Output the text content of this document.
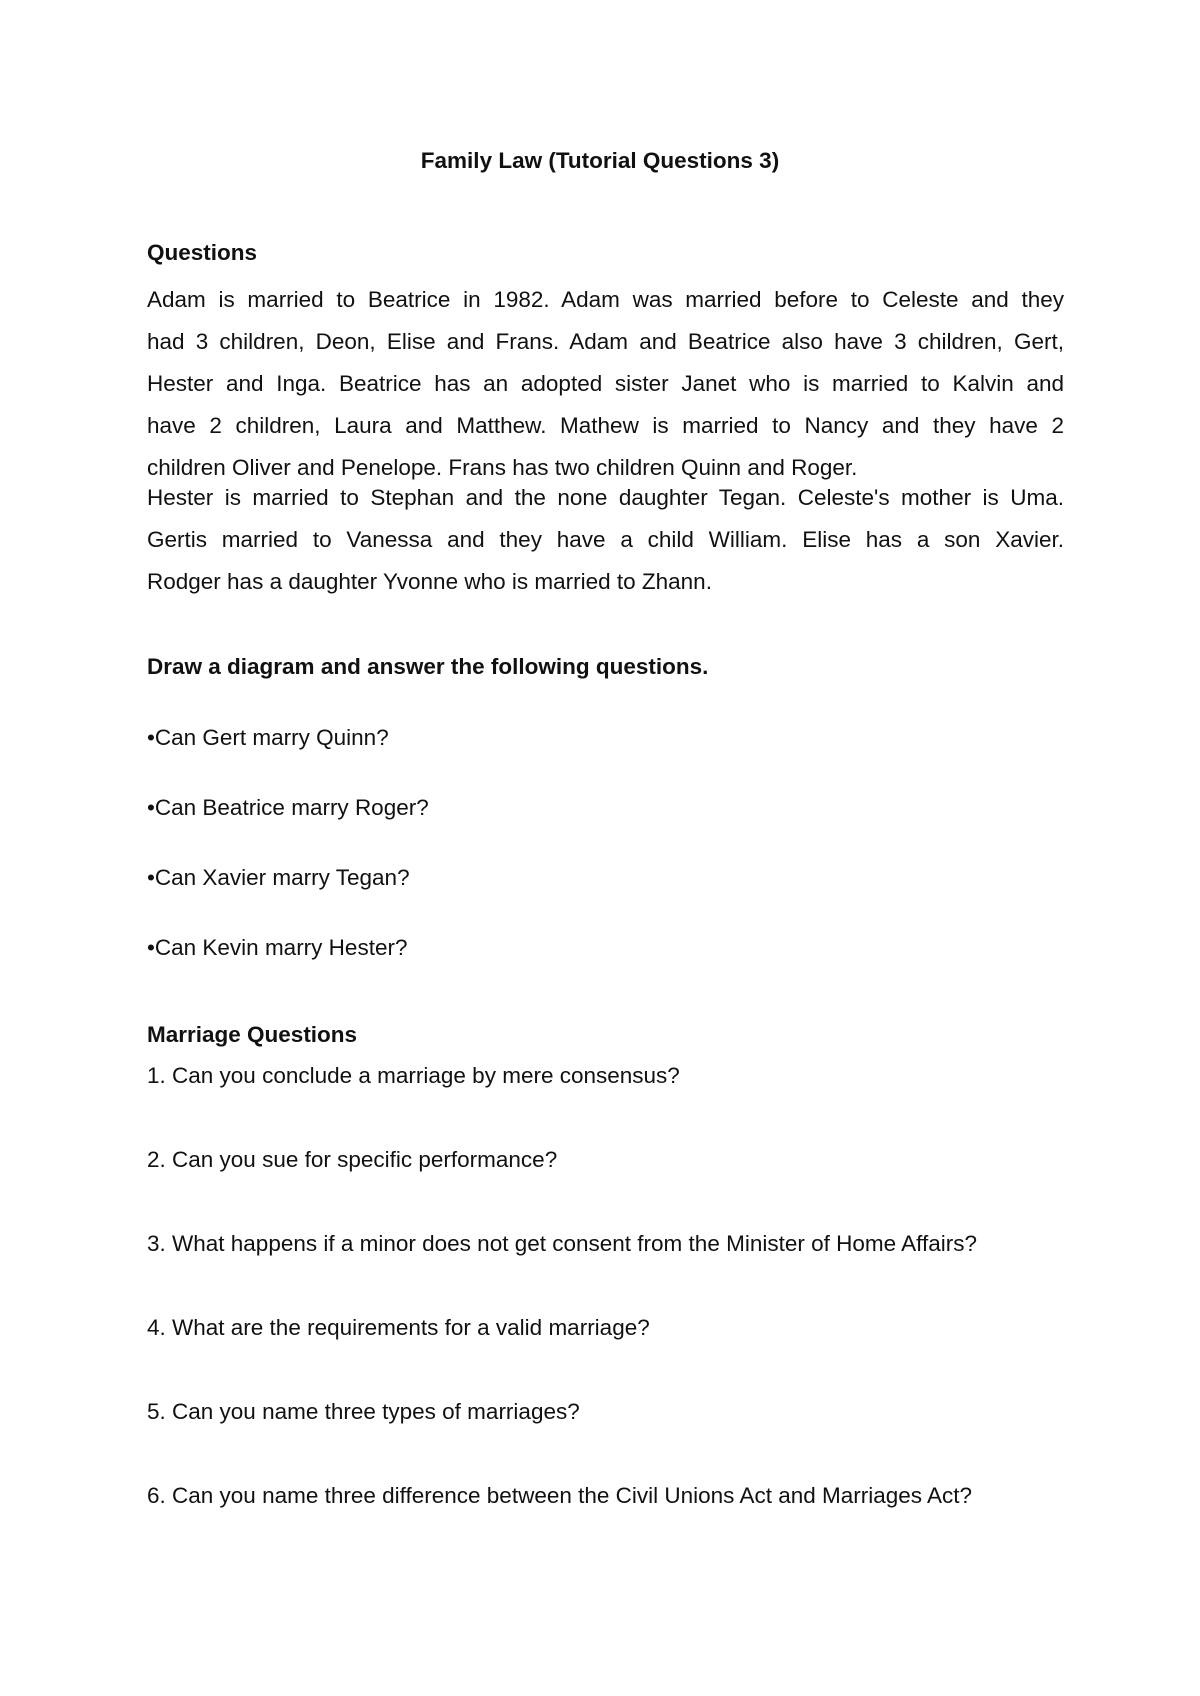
Family Law (Tutorial Questions 3)
Questions
Adam is married to Beatrice in 1982. Adam was married before to Celeste and they
had 3 children, Deon, Elise and Frans. Adam and Beatrice also have 3 children, Gert,
Hester and Inga. Beatrice has an adopted sister Janet who is married to Kalvin and
have 2 children, Laura and Matthew. Mathew is married to Nancy and they have 2
children Oliver and Penelope. Frans has two children Quinn and Roger.
Hester is married to Stephan and the none daughter Tegan. Celeste's mother is Uma.
Gertis married to Vanessa and they have a child William. Elise has a son Xavier.
Rodger has a daughter Yvonne who is married to Zhann.
Draw a diagram and answer the following questions.
•Can Gert marry Quinn?
•Can Beatrice marry Roger?
•Can Xavier marry Tegan?
•Can Kevin marry Hester?
Marriage Questions
1. Can you conclude a marriage by mere consensus?
2. Can you sue for specific performance?
3. What happens if a minor does not get consent from the Minister of Home Affairs?
4. What are the requirements for a valid marriage?
5. Can you name three types of marriages?
6. Can you name three difference between the Civil Unions Act and Marriages Act?
